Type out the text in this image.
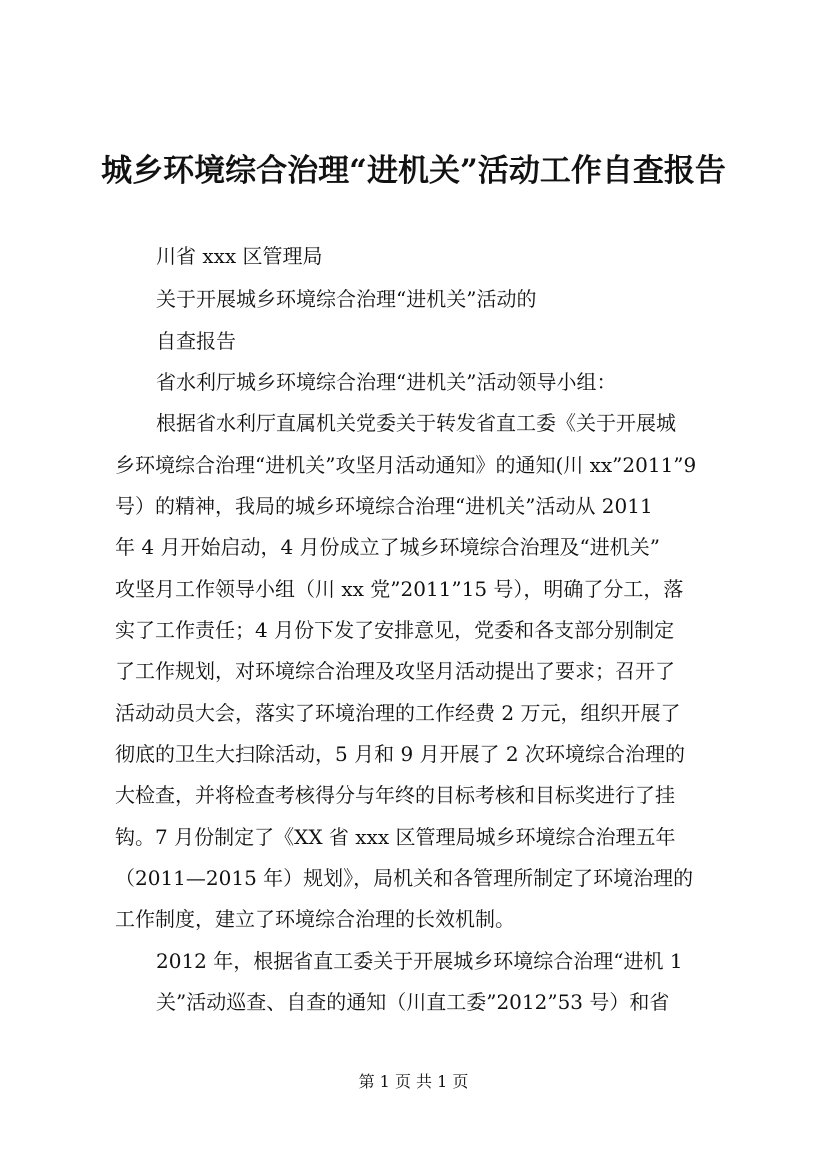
城乡环境综合治理“进机关”活动工作自查报告
川省 xxx 区管理局
关于开展城乡环境综合治理“进机关”活动的
自查报告
省水利厅城乡环境综合治理“进机关”活动领导小组：
根据省水利厅直属机关党委关于转发省直工委《关于开展城
乡环境综合治理“进机关”攻坚月活动通知》的通知(川 xx”2011”9
号）的精神，我局的城乡环境综合治理“进机关”活动从 2011
年 4 月开始启动，4 月份成立了城乡环境综合治理及“进机关”
攻坚月工作领导小组（川 xx 党”2011”15 号），明确了分工，落
实了工作责任；4 月份下发了安排意见，党委和各支部分别制定
了工作规划，对环境综合治理及攻坚月活动提出了要求；召开了
活动动员大会，落实了环境治理的工作经费 2 万元，组织开展了
彻底的卫生大扫除活动，5 月和 9 月开展了 2 次环境综合治理的
大检查，并将检查考核得分与年终的目标考核和目标奖进行了挂
钩。7 月份制定了《XX 省 xxx 区管理局城乡环境综合治理五年
（2011—2015 年）规划》，局机关和各管理所制定了环境治理的
工作制度，建立了环境综合治理的长效机制。
2012 年，根据省直工委关于开展城乡环境综合治理“进机 1
关”活动巡查、自查的通知（川直工委”2012”53 号）和省
第 1 页 共 1 页
